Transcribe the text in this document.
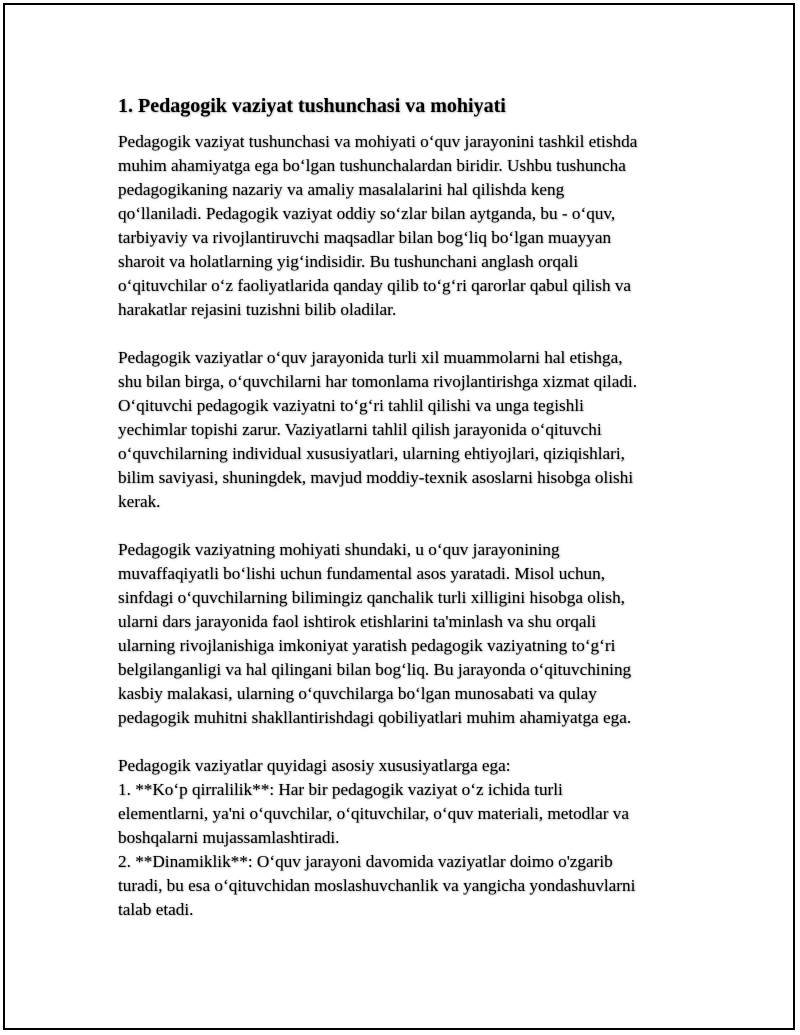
1. Pedagogik vaziyat tushunchasi va mohiyati

Pedagogik vaziyat tushunchasi va mohiyati o‘quv jarayonini tashkil etishda
muhim ahamiyatga ega bo‘lgan tushunchalardan biridir. Ushbu tushuncha
pedagogikaning nazariy va amaliy masalalarini hal qilishda keng
qo‘llaniladi. Pedagogik vaziyat oddiy so‘zlar bilan aytganda, bu - o‘quv,
tarbiyaviy va rivojlantiruvchi maqsadlar bilan bog‘liq bo‘lgan muayyan
sharoit va holatlarning yig‘indisidir. Bu tushunchani anglash orqali
o‘qituvchilar o‘z faoliyatlarida qanday qilib to‘g‘ri qarorlar qabul qilish va
harakatlar rejasini tuzishni bilib oladilar.

Pedagogik vaziyatlar o‘quv jarayonida turli xil muammolarni hal etishga,
shu bilan birga, o‘quvchilarni har tomonlama rivojlantirishga xizmat qiladi.
O‘qituvchi pedagogik vaziyatni to‘g‘ri tahlil qilishi va unga tegishli
yechimlar topishi zarur. Vaziyatlarni tahlil qilish jarayonida o‘qituvchi
o‘quvchilarning individual xususiyatlari, ularning ehtiyojlari, qiziqishlari,
bilim saviyasi, shuningdek, mavjud moddiy-texnik asoslarni hisobga olishi
kerak.

Pedagogik vaziyatning mohiyati shundaki, u o‘quv jarayonining
muvaffaqiyatli bo‘lishi uchun fundamental asos yaratadi. Misol uchun,
sinfdagi o‘quvchilarning bilimingiz qanchalik turli xilligini hisobga olish,
ularni dars jarayonida faol ishtirok etishlarini ta'minlash va shu orqali
ularning rivojlanishiga imkoniyat yaratish pedagogik vaziyatning to‘g‘ri
belgilanganligi va hal qilingani bilan bog‘liq. Bu jarayonda o‘qituvchining
kasbiy malakasi, ularning o‘quvchilarga bo‘lgan munosabati va qulay
pedagogik muhitni shakllantirishdagi qobiliyatlari muhim ahamiyatga ega.

Pedagogik vaziyatlar quyidagi asosiy xususiyatlarga ega:
1. **Ko‘p qirralilik**: Har bir pedagogik vaziyat o‘z ichida turli
elementlarni, ya'ni o‘quvchilar, o‘qituvchilar, o‘quv materiali, metodlar va
boshqalarni mujassamlashtiradi.
2. **Dinamiklik**: O‘quv jarayoni davomida vaziyatlar doimo o'zgarib
turadi, bu esa o‘qituvchidan moslashuvchanlik va yangicha yondashuvlarni
talab etadi.
